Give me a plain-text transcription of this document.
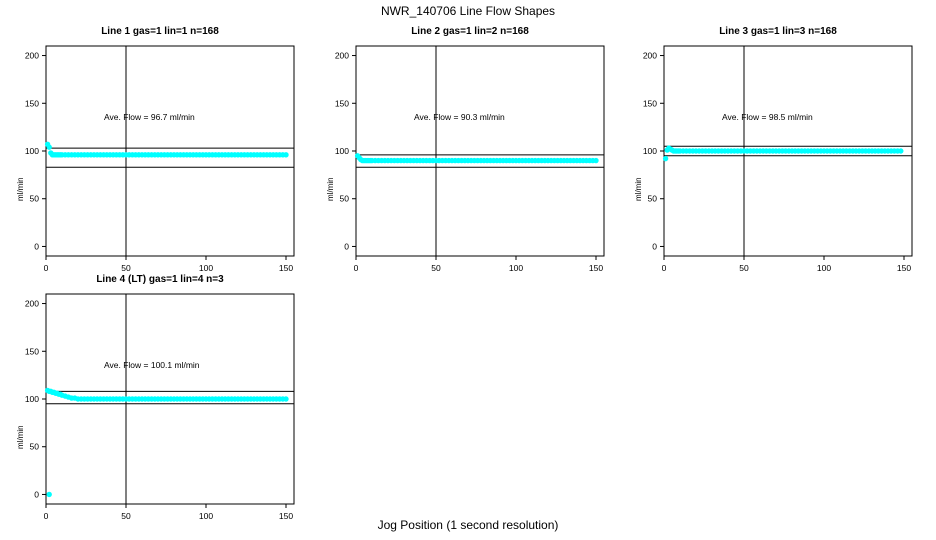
NWR_140706 Line Flow Shapes
Line 1 gas=1 lin=1 n=168
ml/min
Ave. Flow = 96.7 ml/min
0
50
100
150
200
0	50	100	150
Line 2 gas=1 lin=2 n=168
ml/min
Ave. Flow = 90.3 ml/min
0
50
100
150
200
0	50	100	150
Line 3 gas=1 lin=3 n=168
ml/min
Ave. Flow = 98.5 ml/min
0
50
100
150
200
0	50	100	150
Line 4 (LT) gas=1 lin=4 n=3
ml/min
Ave. Flow = 100.1 ml/min
0
50
100
150
200
0	50	100	150
Jog Position (1 second resolution)
